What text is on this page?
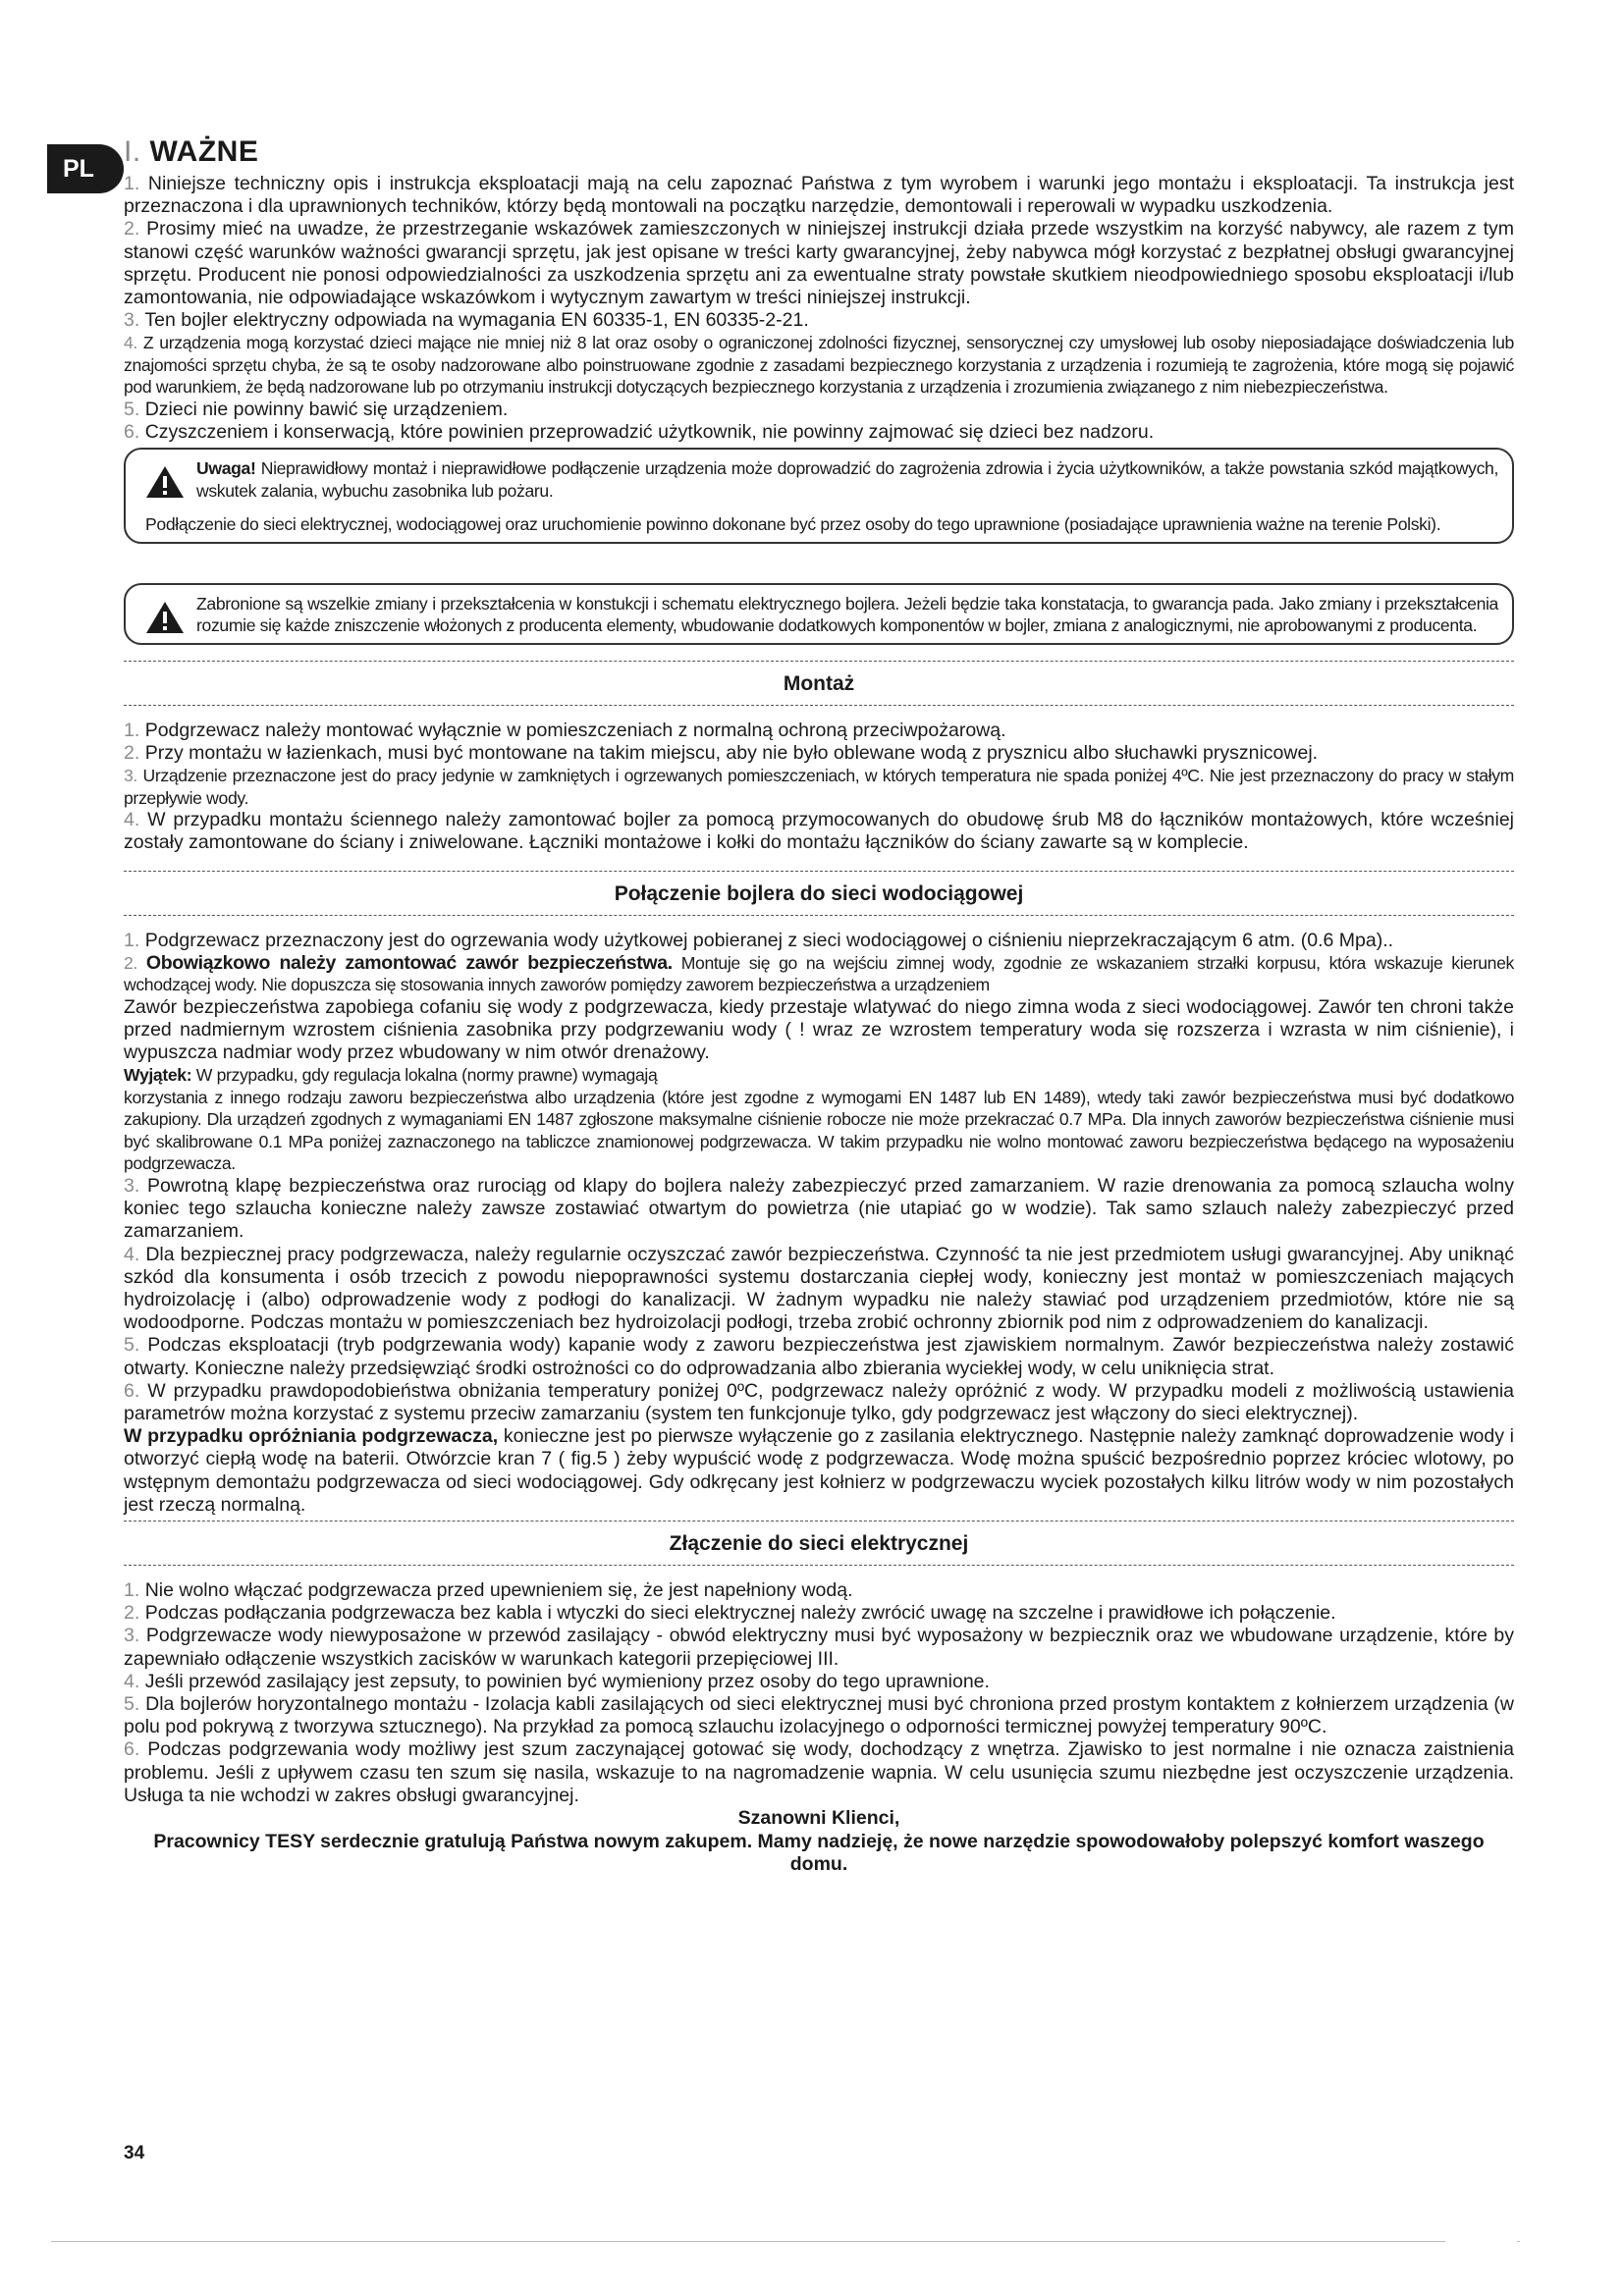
PL
I. WAŻNE

1. Niniejsze techniczny opis i instrukcja eksploatacji mają na celu zapoznać Państwa z tym wyrobem i warunki jego montażu i eksploatacji. Ta instrukcja jest przeznaczona i dla uprawnionych techników, którzy będą montowali na początku narzędzie, demontowali i reperowali w wypadku uszkodzenia.

2. Prosimy mieć na uwadze, że przestrzeganie wskazówek zamieszczonych w niniejszej instrukcji działa przede wszystkim na korzyść nabywcy, ale razem z tym stanowi część warunków ważności gwarancji sprzętu, jak jest opisane w treści karty gwarancyjnej, żeby nabywca mógł korzystać z bezpłatnej obsługi gwarancyjnej sprzętu. Producent nie ponosi odpowiedzialności za uszkodzenia sprzętu ani za ewentualne straty powstałe skutkiem nieodpowiedniego sposobu eksploatacji i/lub zamontowania, nie odpowiadające wskazówkom i wytycznym zawartym w treści niniejszej instrukcji.

3. Ten bojler elektryczny odpowiada na wymagania EN 60335-1, EN 60335-2-21.

4. Z urządzenia mogą korzystać dzieci mające nie mniej niż 8 lat oraz osoby o ograniczonej zdolności fizycznej, sensorycznej czy umysłowej lub osoby nieposiadające doświadczenia lub znajomości sprzętu chyba, że są te osoby nadzorowane albo poinstruowane zgodnie z zasadami bezpiecznego korzystania z urządzenia i rozumieją te zagrożenia, które mogą się pojawić pod warunkiem, że będą nadzorowane lub po otrzymaniu instrukcji dotyczących bezpiecznego korzystania z urządzenia i zrozumienia związanego z nim niebezpieczeństwa.

5. Dzieci nie powinny bawić się urządzeniem.

6. Czyszczeniem i konserwacją, które powinien przeprowadzić użytkownik, nie powinny zajmować się dzieci bez nadzoru.

Uwaga! Nieprawidłowy montaż i nieprawidłowe podłączenie urządzenia może doprowadzić do zagrożenia zdrowia i życia użytkowników, a także powstania szkód majątkowych, wskutek zalania, wybuchu zasobnika lub pożaru.

Podłączenie do sieci elektrycznej, wodociągowej oraz uruchomienie powinno dokonane być przez osoby do tego uprawnione (posiadające uprawnienia ważne na terenie Polski).

Zabronione są wszelkie zmiany i przekształcenia w konstukcji i schematu elektrycznego bojlera. Jeżeli będzie taka konstatacja, to gwarancja pada. Jako zmiany i przekształcenia rozumie się każde zniszczenie włożonych z producenta elementy, wbudowanie dodatkowych komponentów w bojler, zmiana z analogicznymi, nie aprobowanymi z producenta.

Montaż

1. Podgrzewacz należy montować wyłącznie w pomieszczeniach z normalną ochroną przeciwpożarową.

2. Przy montażu w łazienkach, musi być montowane na takim miejscu, aby nie było oblewane wodą z prysznicu albo słuchawki prysznicowej.

3. Urządzenie przeznaczone jest do pracy jedynie w zamkniętych i ogrzewanych pomieszczeniach, w których temperatura nie spada poniżej 4ºC. Nie jest przeznaczony do pracy w stałym przepływie wody.

4. W przypadku montażu ściennego należy zamontować bojler za pomocą przymocowanych do obudowę śrub M8 do łączników montażowych, które wcześniej zostały zamontowane do ściany i zniwelowane. Łączniki montażowe i kołki do montażu łączników do ściany zawarte są w komplecie.

Połączenie bojlera do sieci wodociągowej

1. Podgrzewacz przeznaczony jest do ogrzewania wody użytkowej pobieranej z sieci wodociągowej o ciśnieniu nieprzekraczającym 6 atm. (0.6 Mpa)..

2. Obowiązkowo należy zamontować zawór bezpieczeństwa. Montuje się go na wejściu zimnej wody, zgodnie ze wskazaniem strzałki korpusu, która wskazuje kierunek wchodzącej wody. Nie dopuszcza się stosowania innych zaworów pomiędzy zaworem bezpieczeństwa a urządzeniem

Zawór bezpieczeństwa zapobiega cofaniu się wody z podgrzewacza, kiedy przestaje wlatywać do niego zimna woda z sieci wodociągowej. Zawór ten chroni także przed nadmiernym wzrostem ciśnienia zasobnika przy podgrzewaniu wody ( ! wraz ze wzrostem temperatury woda się rozszerza i wzrasta w nim ciśnienie), i wypuszcza nadmiar wody przez wbudowany w nim otwór drenażowy.

Wyjątek: W przypadku, gdy regulacja lokalna (normy prawne) wymagają

korzystania z innego rodzaju zaworu bezpieczeństwa albo urządzenia (które jest zgodne z wymogami EN 1487 lub EN 1489), wtedy taki zawór bezpieczeństwa musi być dodatkowo zakupiony. Dla urządzeń zgodnych z wymaganiami EN 1487 zgłoszone maksymalne ciśnienie robocze nie może przekraczać 0.7 MPa. Dla innych zaworów bezpieczeństwa ciśnienie musi być skalibrowane 0.1 MPa poniżej zaznaczonego na tabliczce znamionowej podgrzewacza. W takim przypadku nie wolno montować zaworu bezpieczeństwa będącego na wyposażeniu podgrzewacza.

3. Powrotną klapę bezpieczeństwa oraz rurociąg od klapy do bojlera należy zabezpieczyć przed zamarzaniem. W razie drenowania za pomocą szlaucha wolny koniec tego szlaucha konieczne należy zawsze zostawiać otwartym do powietrza (nie utapiać go w wodzie). Tak samo szlauch należy zabezpieczyć przed zamarzaniem.

4. Dla bezpiecznej pracy podgrzewacza, należy regularnie oczyszczać zawór bezpieczeństwa. Czynność ta nie jest przedmiotem usługi gwarancyjnej. Aby uniknąć szkód dla konsumenta i osób trzecich z powodu niepoprawności systemu dostarczania ciepłej wody, konieczny jest montaż w pomieszczeniach mających hydroizolację i (albo) odprowadzenie wody z podłogi do kanalizacji. W żadnym wypadku nie należy stawiać pod urządzeniem przedmiotów, które nie są wodoodporne. Podczas montażu w pomieszczeniach bez hydroizolacji podłogi, trzeba zrobić ochronny zbiornik pod nim z odprowadzeniem do kanalizacji.

5. Podczas eksploatacji (tryb podgrzewania wody) kapanie wody z zaworu bezpieczeństwa jest zjawiskiem normalnym. Zawór bezpieczeństwa należy zostawić otwarty. Konieczne należy przedsięwziąć środki ostrożności co do odprowadzania albo zbierania wyciekłej wody, w celu uniknięcia strat.

6. W przypadku prawdopodobieństwa obniżania temperatury poniżej 0ºC, podgrzewacz należy opróżnić z wody. W przypadku modeli z możliwością ustawienia parametrów można korzystać z systemu przeciw zamarzaniu (system ten funkcjonuje tylko, gdy podgrzewacz jest włączony do sieci elektrycznej).

W przypadku opróżniania podgrzewacza, konieczne jest po pierwsze wyłączenie go z zasilania elektrycznego. Następnie należy zamknąć doprowadzenie wody i otworzyć ciepłą wodę na baterii. Otwórzcie kran 7 ( fig.5 ) żeby wypuścić wodę z podgrzewacza. Wodę można spuścić bezpośrednio poprzez króciec wlotowy, po wstępnym demontażu podgrzewacza od sieci wodociągowej. Gdy odkręcany jest kołnierz w podgrzewaczu wyciek pozostałych kilku litrów wody w nim pozostałych jest rzeczą normalną.

Złączenie do sieci elektrycznej

1. Nie wolno włączać podgrzewacza przed upewnieniem się, że jest napełniony wodą.

2. Podczas podłączania podgrzewacza bez kabla i wtyczki do sieci elektrycznej należy zwrócić uwagę na szczelne i prawidłowe ich połączenie.

3. Podgrzewacze wody niewyposażone w przewód zasilający - obwód elektryczny musi być wyposażony w bezpiecznik oraz we wbudowane urządzenie, które by zapewniało odłączenie wszystkich zacisków w warunkach kategorii przepięciowej III.

4. Jeśli przewód zasilający jest zepsuty, to powinien być wymieniony przez osoby do tego uprawnione.

5. Dla bojlerów horyzontalnego montażu - Izolacja kabli zasilających od sieci elektrycznej musi być chroniona przed prostym kontaktem z kołnierzem urządzenia (w polu pod pokrywą z tworzywa sztucznego). Na przykład za pomocą szlauchu izolacyjnego o odporności termicznej powyżej temperatury 90ºC.

6. Podczas podgrzewania wody możliwy jest szum zaczynającej gotować się wody, dochodzący z wnętrza. Zjawisko to jest normalne i nie oznacza zaistnienia problemu. Jeśli z upływem czasu ten szum się nasila, wskazuje to na nagromadzenie wapnia. W celu usunięcia szumu niezbędne jest oczyszczenie urządzenia. Usługa ta nie wchodzi w zakres obsługi gwarancyjnej.

Szanowni Klienci,
Pracownicy TESY serdecznie gratulują Państwa nowym zakupem. Mamy nadzieję, że nowe narzędzie spowodowałoby polepszyć komfort waszego domu.
34
